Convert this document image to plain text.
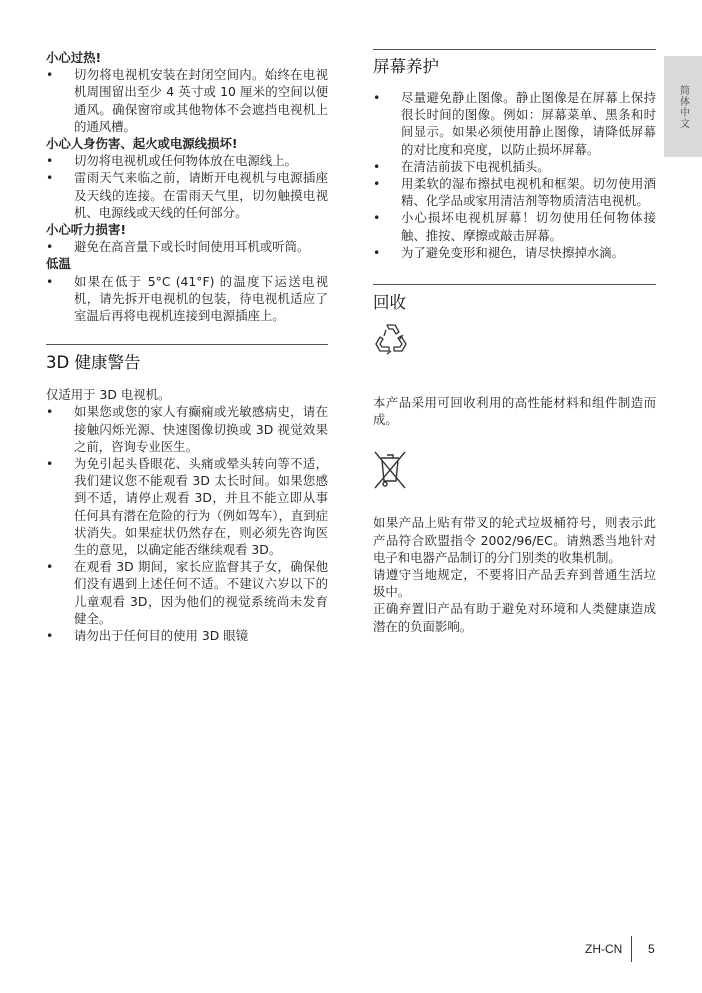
小心过热!

• 切勿将电视机安装在封闭空间内。始终在电视机周围留出至少 4 英寸或 10 厘米的空间以便通风。确保窗帘或其他物体不会遮挡电视机上的通风槽。

小心人身伤害、起火或电源线损坏!

• 切勿将电视机或任何物体放在电源线上。
• 雷雨天气来临之前，请断开电视机与电源插座及天线的连接。在雷雨天气里，切勿触摸电视机、电源线或天线的任何部分。

小心听力损害!

• 避免在高音量下或长时间使用耳机或听筒。

低温

• 如果在低于 5°C (41°F) 的温度下运送电视机，请先拆开电视机的包装，待电视机适应了室温后再将电视机连接到电源插座上。
3D 健康警告

仅适用于 3D 电视机。

• 如果您或您的家人有癫痫或光敏感病史，请在接触闪烁光源、快速图像切换或 3D 视觉效果之前，咨询专业医生。
• 为免引起头昏眼花、头痛或晕头转向等不适，我们建议您不能观看 3D 太长时间。如果您感到不适，请停止观看 3D，并且不能立即从事任何具有潜在危险的行为（例如驾车），直到症状消失。如果症状仍然存在，则必须先咨询医生的意见，以确定能否继续观看 3D。
• 在观看 3D 期间，家长应监督其子女，确保他们没有遇到上述任何不适。不建议六岁以下的儿童观看 3D，因为他们的视觉系统尚未发育健全。
• 请勿出于任何目的使用 3D 眼镜
屏幕养护
• 尽量避免静止图像。静止图像是在屏幕上保持很长时间的图像。例如：屏幕菜单、黑条和时间显示。如果必须使用静止图像，请降低屏幕的对比度和亮度，以防止损坏屏幕。
• 在清洁前拔下电视机插头。
• 用柔软的湿布擦拭电视机和框架。切勿使用酒精、化学品或家用清洁剂等物质清洁电视机。
• 小心损坏电视机屏幕！切勿使用任何物体接触、推按、摩擦或敲击屏幕。
• 为了避免变形和褪色，请尽快擦掉水滴。
回收

本产品采用可回收利用的高性能材料和组件制造而成。

如果产品上贴有带叉的轮式垃圾桶符号，则表示此产品符合欧盟指令 2002/96/EC。请熟悉当地针对电子和电器产品制订的分门别类的收集机制。

请遵守当地规定，不要将旧产品丢弃到普通生活垃圾中。

正确弃置旧产品有助于避免对环境和人类健康造成潜在的负面影响。

简体中文
ZH-CN 5
